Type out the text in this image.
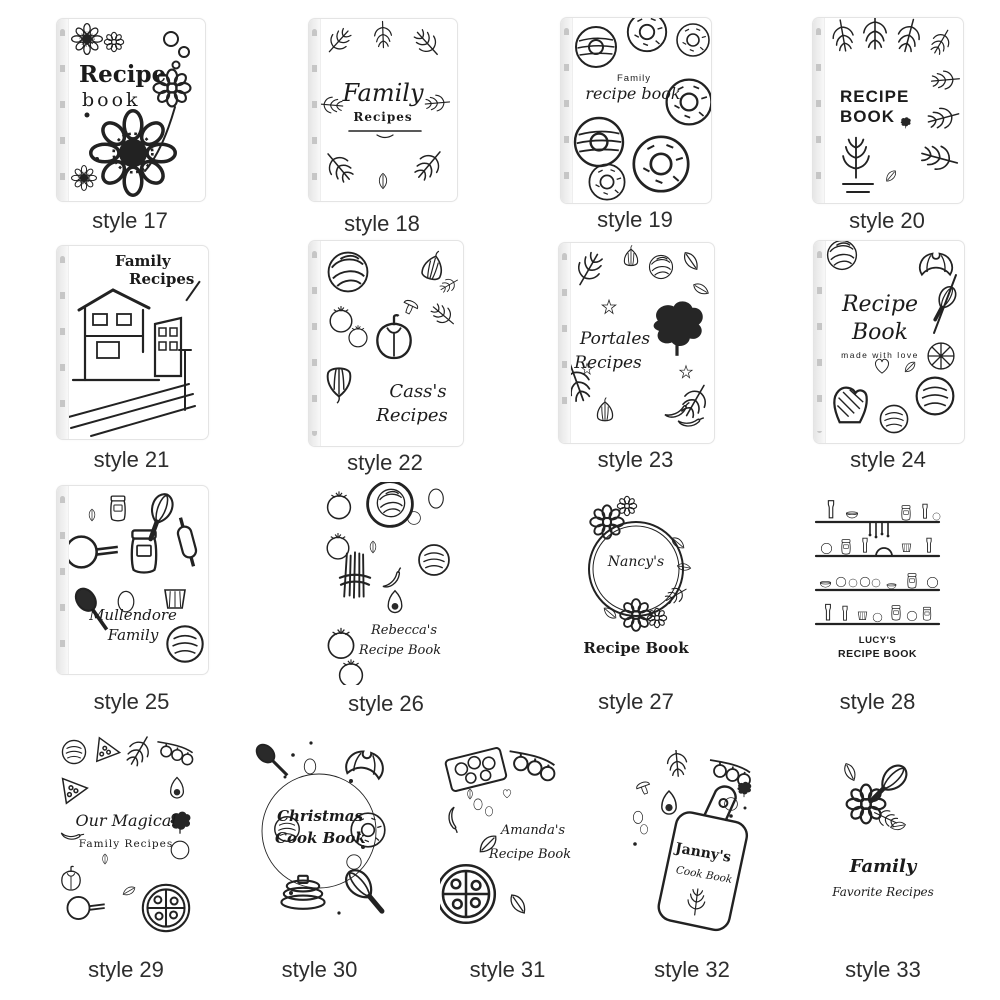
Recipe
book	Family
Recipes
Family
recipe book	RECIPE
BOOK
Family
Recipes
Cass's
Recipes
Portales
Recipes
Recipe
Book
made with love
Mullendore
Family	Rebecca's
Recipe Book
Nancy's
Recipe Book	LUCY'S
RECIPE BOOK
Our Magical
Family Recipes
Christmas
Cook Book	Amanda's
Recipe Book	Janny's
Cook Book	Family
Favorite Recipes
style 17	style 18	style 19	style 20
style 21	style 22	style 23	style 24
style 25	style 26	style 27	style 28
style 29	style 30	style 31	style 32	style 33
